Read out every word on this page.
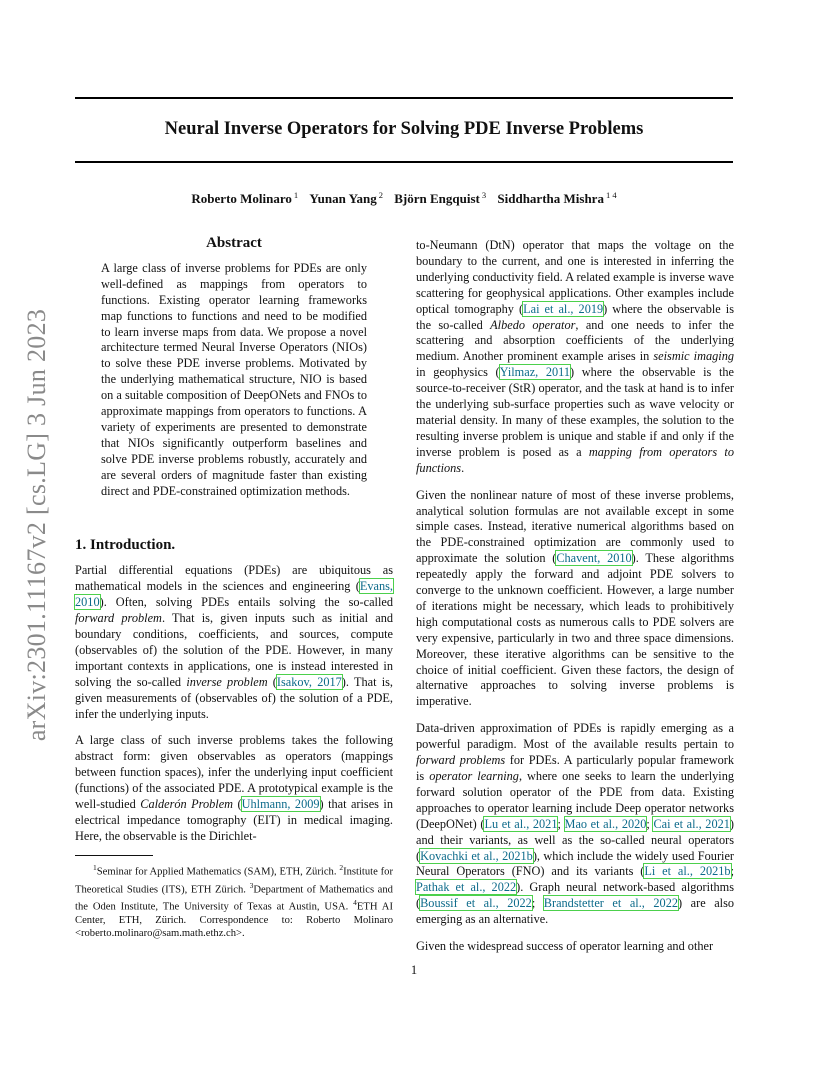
arXiv:2301.11167v2 [cs.LG] 3 Jun 2023
Neural Inverse Operators for Solving PDE Inverse Problems
Roberto Molinaro $^1$ Yunan Yang $^2$ Björn Engquist $^3$ Siddhartha Mishra $^{1 4}$
Abstract
A large class of inverse problems for PDEs are only well-defined as mappings from operators to functions. Existing operator learning frameworks map functions to functions and need to be modified to learn inverse maps from data. We propose a novel architecture termed Neural Inverse Operators (NIOs) to solve these PDE inverse problems. Motivated by the underlying mathematical structure, NIO is based on a suitable composition of DeepONets and FNOs to approximate mappings from operators to functions. A variety of experiments are presented to demonstrate that NIOs significantly outperform baselines and solve PDE inverse problems robustly, accurately and are several orders of magnitude faster than existing direct and PDE-constrained optimization methods.
1. Introduction.

Partial differential equations (PDEs) are ubiquitous as mathematical models in the sciences and engineering (Evans, 2010). Often, solving PDEs entails solving the so-called forward problem. That is, given inputs such as initial and boundary conditions, coefficients, and sources, compute (observables of) the solution of the PDE. However, in many important contexts in applications, one is instead interested in solving the so-called inverse problem (Isakov, 2017). That is, given measurements of (observables of) the solution of a PDE, infer the underlying inputs.

A large class of such inverse problems takes the following abstract form: given observables as operators (mappings between function spaces), infer the underlying input coefficient (functions) of the associated PDE. A prototypical example is the well-studied Calderón Problem (Uhlmann, 2009) that arises in electrical impedance tomography (EIT) in medical imaging. Here, the observable is the Dirichlet-

$^1$Seminar for Applied Mathematics (SAM), ETH, Zürich. $^2$Institute for Theoretical Studies (ITS), ETH Zürich. $^3$Department of Mathematics and the Oden Institute, The University of Texas at Austin, USA. $^4$ETH AI Center, ETH, Zürich. Correspondence to: Roberto Molinaro <roberto.molinaro@sam.math.ethz.ch>.

to-Neumann (DtN) operator that maps the voltage on the boundary to the current, and one is interested in inferring the underlying conductivity field. A related example is inverse wave scattering for geophysical applications. Other examples include optical tomography (Lai et al., 2019) where the observable is the so-called Albedo operator, and one needs to infer the scattering and absorption coefficients of the underlying medium. Another prominent example arises in seismic imaging in geophysics (Yilmaz, 2011) where the observable is the source-to-receiver (StR) operator, and the task at hand is to infer the underlying sub-surface properties such as wave velocity or material density. In many of these examples, the solution to the resulting inverse problem is unique and stable if and only if the inverse problem is posed as a mapping from operators to functions.

Given the nonlinear nature of most of these inverse problems, analytical solution formulas are not available except in some simple cases. Instead, iterative numerical algorithms based on the PDE-constrained optimization are commonly used to approximate the solution (Chavent, 2010). These algorithms repeatedly apply the forward and adjoint PDE solvers to converge to the unknown coefficient. However, a large number of iterations might be necessary, which leads to prohibitively high computational costs as numerous calls to PDE solvers are very expensive, particularly in two and three space dimensions. Moreover, these iterative algorithms can be sensitive to the choice of initial coefficient. Given these factors, the design of alternative approaches to solving inverse problems is imperative.

Data-driven approximation of PDEs is rapidly emerging as a powerful paradigm. Most of the available results pertain to forward problems for PDEs. A particularly popular framework is operator learning, where one seeks to learn the underlying forward solution operator of the PDE from data. Existing approaches to operator learning include Deep operator networks (DeepONet) (Lu et al., 2021; Mao et al., 2020; Cai et al., 2021) and their variants, as well as the so-called neural operators (Kovachki et al., 2021b), which include the widely used Fourier Neural Operators (FNO) and its variants (Li et al., 2021b; Pathak et al., 2022). Graph neural network-based algorithms (Boussif et al., 2022; Brandstetter et al., 2022) are also emerging as an alternative.

Given the widespread success of operator learning and other

1
